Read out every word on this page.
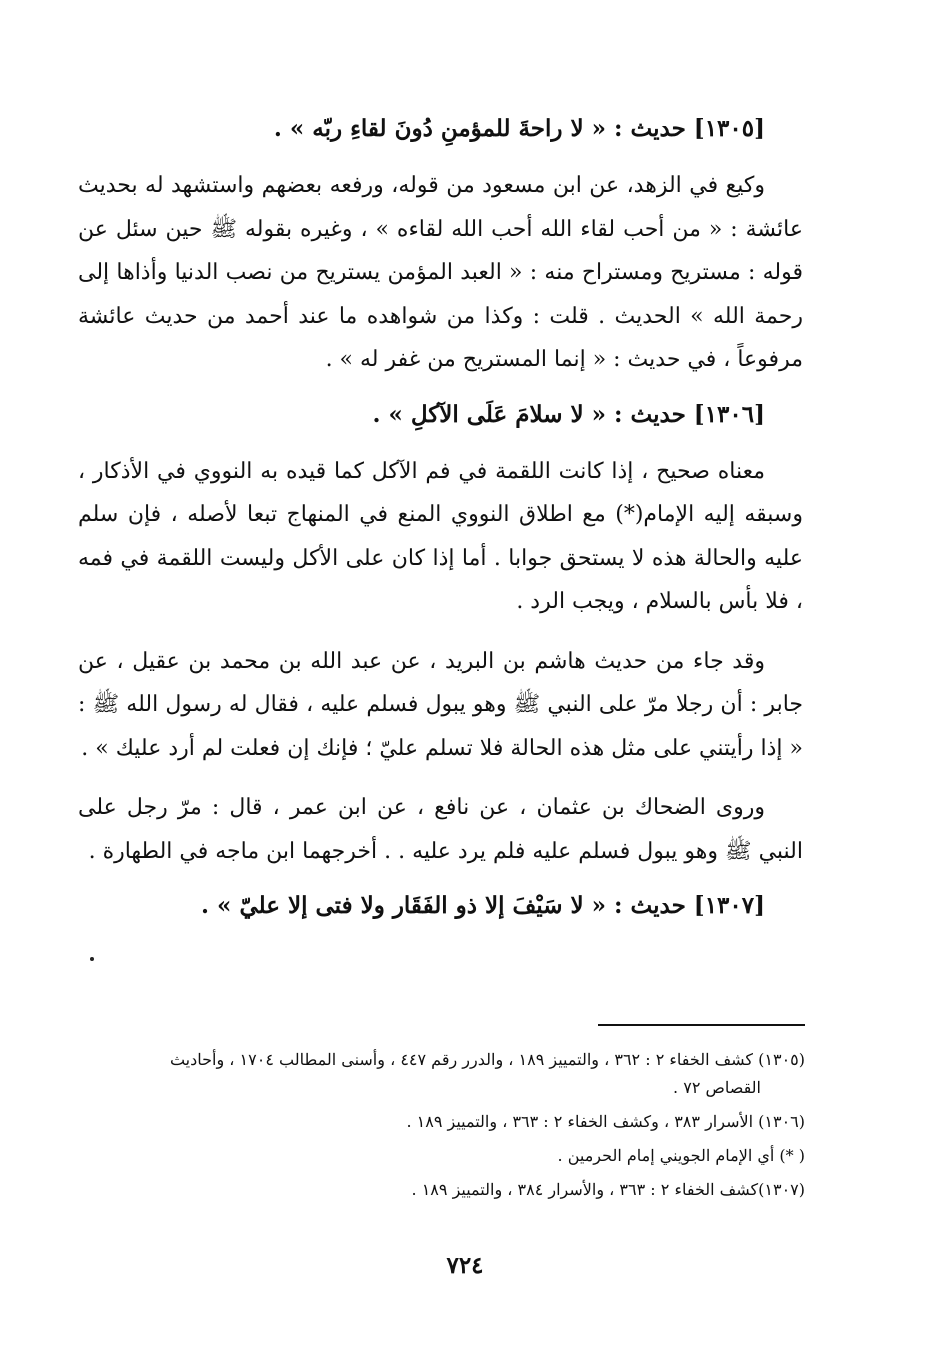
[١٣٠٥] حديث : « لا راحةَ للمؤمنِ دُونَ لقاءِ ربّه » .

وكيع في الزهد، عن ابن مسعود من قوله، ورفعه بعضهم واستشهد له بحديث عائشة : « من أحب لقاء الله أحب الله لقاءه » ، وغيره بقوله ﷺ حين سئل عن قوله : مستريح ومستراح منه : « العبد المؤمن يستريح من نصب الدنيا وأذاها إلى رحمة الله » الحديث . قلت : وكذا من شواهده ما عند أحمد من حديث عائشة مرفوعاً ، في حديث : « إنما المستريح من غفر له » .

[١٣٠٦] حديث : « لا سلامَ عَلَى الآكلِ » .

معناه صحيح ، إذا كانت اللقمة في فم الآكل كما قيده به النووي في الأذكار ، وسبقه إليه الإمام(*) مع اطلاق النووي المنع في المنهاج تبعا لأصله ، فإن سلم عليه والحالة هذه لا يستحق جوابا . أما إذا كان على الأكل وليست اللقمة في فمه ، فلا بأس بالسلام ، ويجب الرد .

وقد جاء من حديث هاشم بن البريد ، عن عبد الله بن محمد بن عقيل ، عن جابر : أن رجلا مرّ على النبي ﷺ وهو يبول فسلم عليه ، فقال له رسول الله ﷺ : « إذا رأيتني على مثل هذه الحالة فلا تسلم عليّ ؛ فإنك إن فعلت لم أرد عليك » .

وروى الضحاك بن عثمان ، عن نافع ، عن ابن عمر ، قال : مرّ رجل على النبي ﷺ وهو يبول فسلم عليه فلم يرد عليه . . أخرجهما ابن ماجه في الطهارة .

[١٣٠٧] حديث : « لا سَيْفَ إلا ذو الفَقَار ولا فتى إلا عليّ » .

(١٣٠٥) كشف الخفاء ٢ : ٣٦٢ ، والتمييز ١٨٩ ، والدرر رقم ٤٤٧ ، وأسنى المطالب ١٧٠٤ ، وأحاديث
القصاص ٧٢ .

(١٣٠٦) الأسرار ٣٨٣ ، وكشف الخفاء ٢ : ٣٦٣ ، والتمييز ١٨٩ .

( *) أي الإمام الجويني إمام الحرمين .

(١٣٠٧)كشف الخفاء ٢ : ٣٦٣ ، والأسرار ٣٨٤ ، والتمييز ١٨٩ .

٧٢٤
